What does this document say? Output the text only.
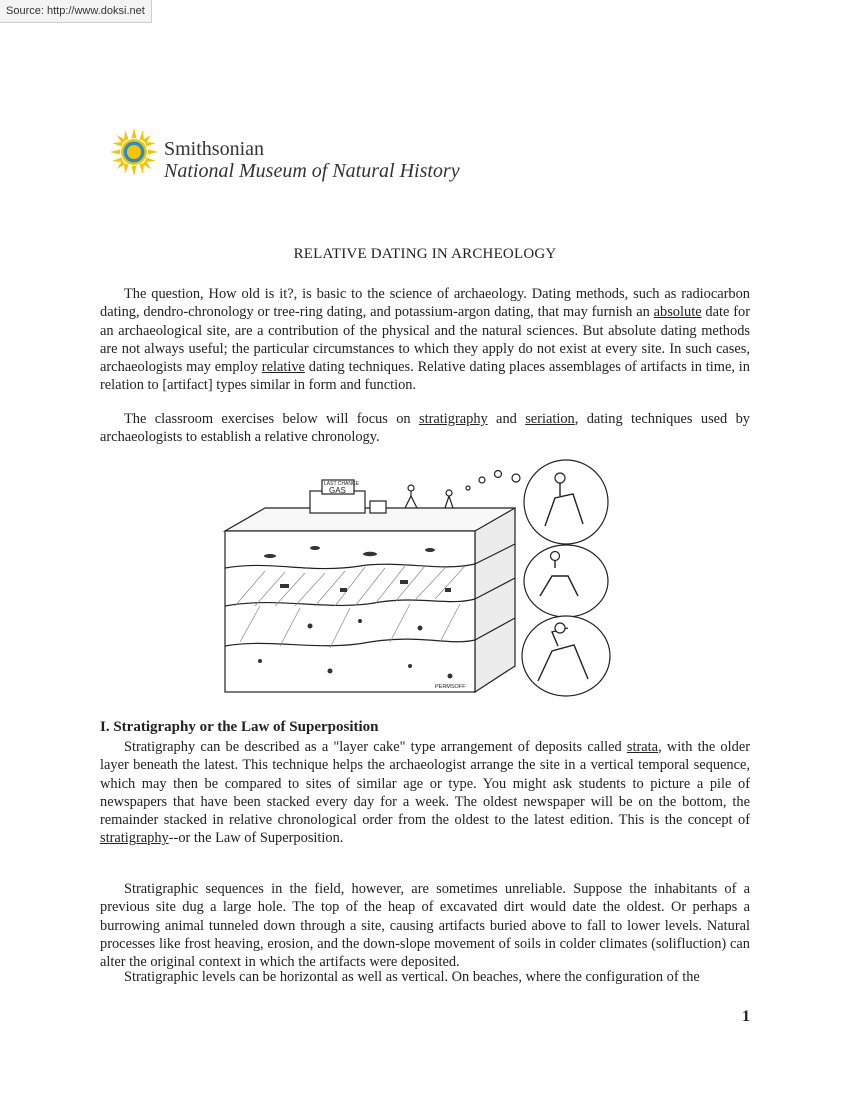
Source: http://www.doksi.net
Smithsonian
National Museum of Natural History
RELATIVE DATING IN ARCHEOLOGY

The question, How old is it?, is basic to the science of archaeology. Dating methods, such as radiocarbon dating, dendro-chronology or tree-ring dating, and potassium-argon dating, that may furnish an absolute date for an archaeological site, are a contribution of the physical and the natural sciences. But absolute dating methods are not always useful; the particular circumstances to which they apply do not exist at every site. In such cases, archaeologists may employ relative dating techniques. Relative dating places assemblages of artifacts in time, in relation to [artifact] types similar in form and function.

The classroom exercises below will focus on stratigraphy and seriation, dating techniques used by archaeologists to establish a relative chronology.

LAST CHANCE
GAS
PERMSOFF
I. Stratigraphy or the Law of Superposition

Stratigraphy can be described as a "layer cake" type arrangement of deposits called strata, with the older layer beneath the latest. This technique helps the archaeologist arrange the site in a vertical temporal sequence, which may then be compared to sites of similar age or type. You might ask students to picture a pile of newspapers that have been stacked every day for a week. The oldest newspaper will be on the bottom, the remainder stacked in relative chronological order from the oldest to the latest edition. This is the concept of stratigraphy--or the Law of Superposition.

Stratigraphic sequences in the field, however, are sometimes unreliable. Suppose the inhabitants of a previous site dug a large hole. The top of the heap of excavated dirt would date the oldest. Or perhaps a burrowing animal tunneled down through a site, causing artifacts buried above to fall to lower levels. Natural processes like frost heaving, erosion, and the down-slope movement of soils in colder climates (solifluction) can alter the original context in which the artifacts were deposited.

Stratigraphic levels can be horizontal as well as vertical. On beaches, where the configuration of the

1
